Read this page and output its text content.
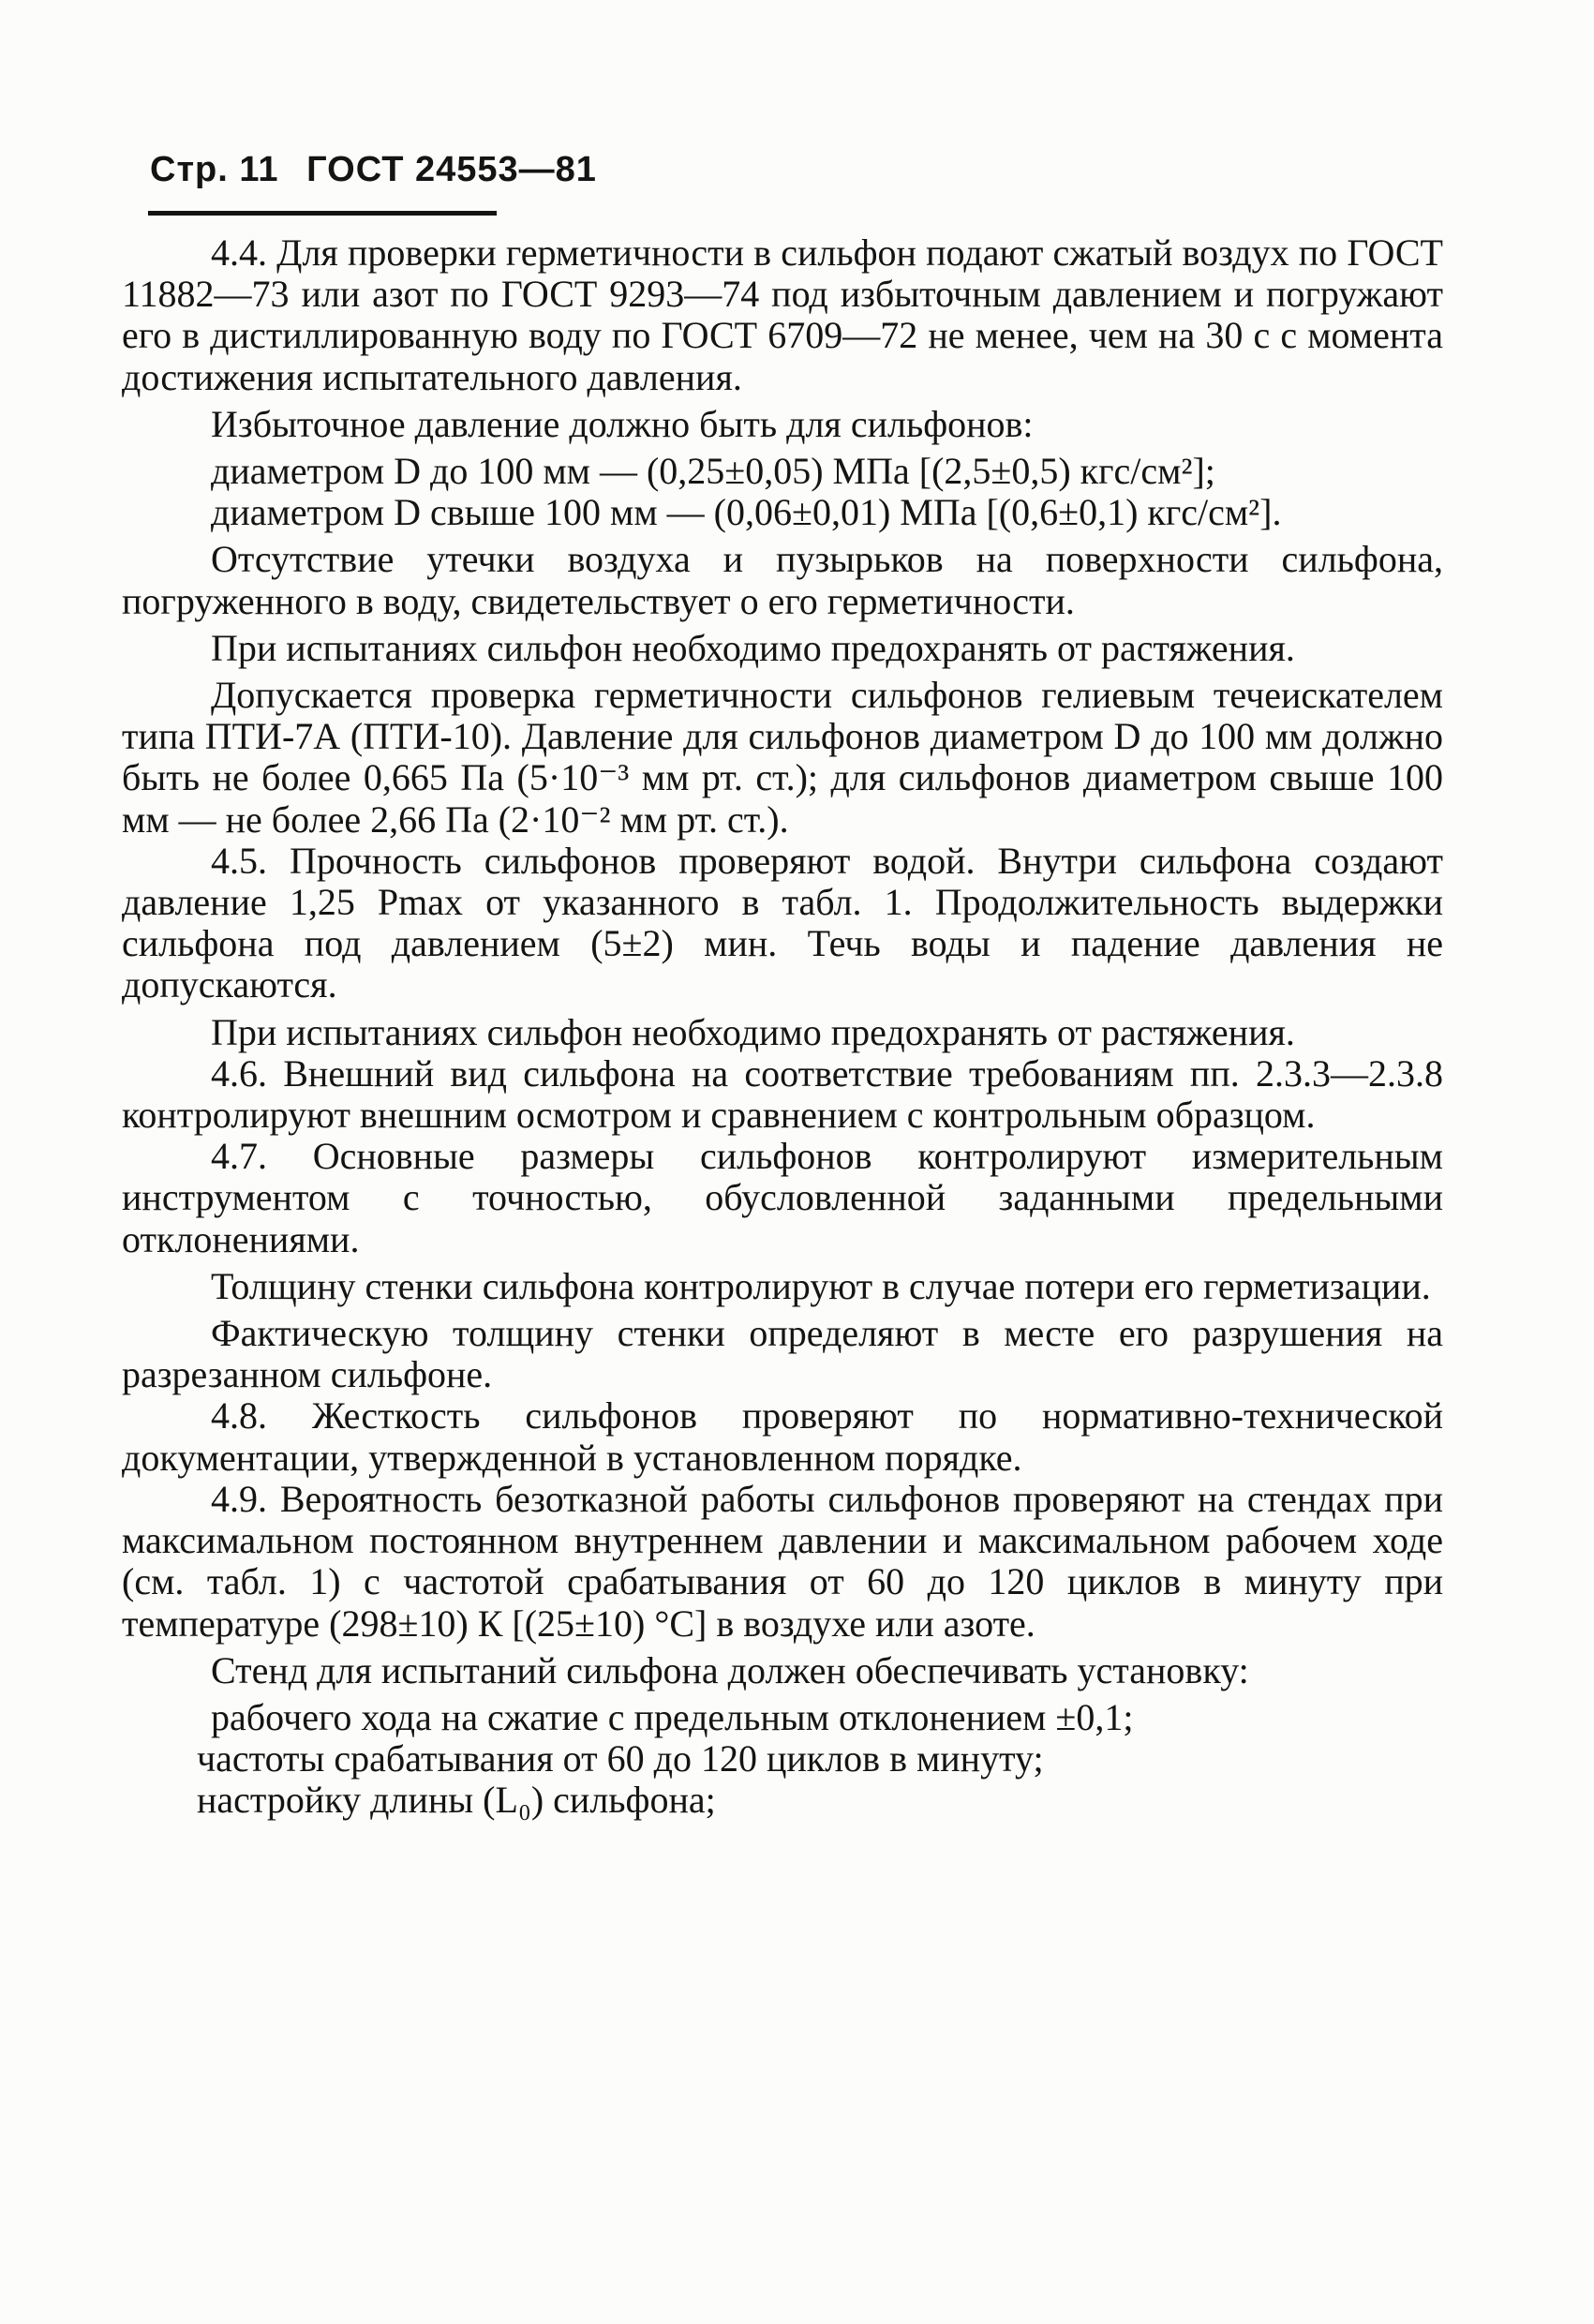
Стр. 11 ГОСТ 24553—81

4.4. Для проверки герметичности в сильфон подают сжатый воздух по ГОСТ 11882—73 или азот по ГОСТ 9293—74 под избыточным давлением и погружают его в дистиллированную воду по ГОСТ 6709—72 не менее, чем на 30 с с момента достижения испытательного давления.

Избыточное давление должно быть для сильфонов:

диаметром D до 100 мм — (0,25±0,05) МПа [(2,5±0,5) кгс/см²];

диаметром D свыше 100 мм — (0,06±0,01) МПа [(0,6±0,1) кгс/см²].

Отсутствие утечки воздуха и пузырьков на поверхности сильфона, погруженного в воду, свидетельствует о его герметичности.

При испытаниях сильфон необходимо предохранять от растяжения.

Допускается проверка герметичности сильфонов гелиевым течеискателем типа ПТИ-7А (ПТИ-10). Давление для сильфонов диаметром D до 100 мм должно быть не более 0,665 Па (5·10⁻³ мм рт. ст.); для сильфонов диаметром свыше 100 мм — не более 2,66 Па (2·10⁻² мм рт. ст.).

4.5. Прочность сильфонов проверяют водой. Внутри сильфона создают давление 1,25 Pmax от указанного в табл. 1. Продолжительность выдержки сильфона под давлением (5±2) мин. Течь воды и падение давления не допускаются.

При испытаниях сильфон необходимо предохранять от растяжения.

4.6. Внешний вид сильфона на соответствие требованиям пп. 2.3.3—2.3.8 контролируют внешним осмотром и сравнением с контрольным образцом.

4.7. Основные размеры сильфонов контролируют измерительным инструментом с точностью, обусловленной заданными предельными отклонениями.

Толщину стенки сильфона контролируют в случае потери его герметизации.

Фактическую толщину стенки определяют в месте его разрушения на разрезанном сильфоне.

4.8. Жесткость сильфонов проверяют по нормативно-технической документации, утвержденной в установленном порядке.

4.9. Вероятность безотказной работы сильфонов проверяют на стендах при максимальном постоянном внутреннем давлении и максимальном рабочем ходе (см. табл. 1) с частотой срабатывания от 60 до 120 циклов в минуту при температуре (298±10) К [(25±10) °С] в воздухе или азоте.

Стенд для испытаний сильфона должен обеспечивать установку:

рабочего хода на сжатие с предельным отклонением ±0,1;

частоты срабатывания от 60 до 120 циклов в минуту;

настройку длины (L₀) сильфона;
